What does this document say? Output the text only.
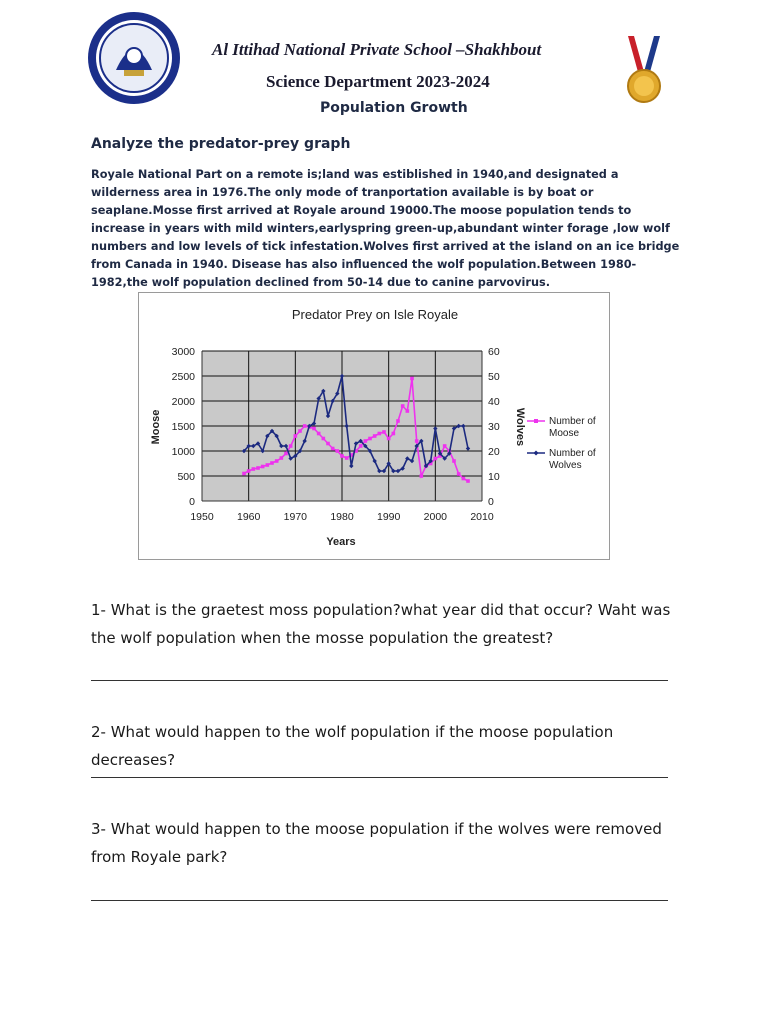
Al Ittihad National Private School –Shakhbout
Science Department 2023-2024
Population Growth
Analyze the predator-prey graph
Royale National Part on a remote is;land was estiblished in 1940,and designated a wilderness area in 1976.The only mode of tranportation available is by boat or seaplane.Mosse first arrived at Royale around 19000.The moose population tends to increase in years with mild winters,earlyspring green-up,abundant winter forage ,low wolf numbers and low levels of tick infestation.Wolves first arrived at the island on an ice bridge from Canada in 1940. Disease has also influenced the wolf population.Between 1980-1982,the wolf population declined from 50-14 due to canine parvovirus.
Predator Prey on Isle Royale
0
500
1000
1500
2000
2500
3000
0
10
20
30
40
50
60
1950 1960 1970 1980 1990 2000 2010
Years
Moose	Wolves Number of
Moose
Number of
Wolves
1- What is the graetest moss population?what year did that occur? Waht was the wolf population when the mosse population the greatest?
2- What would happen to the wolf population if the moose population decreases?
3- What would happen to the moose population if the wolves were removed from Royale park?
